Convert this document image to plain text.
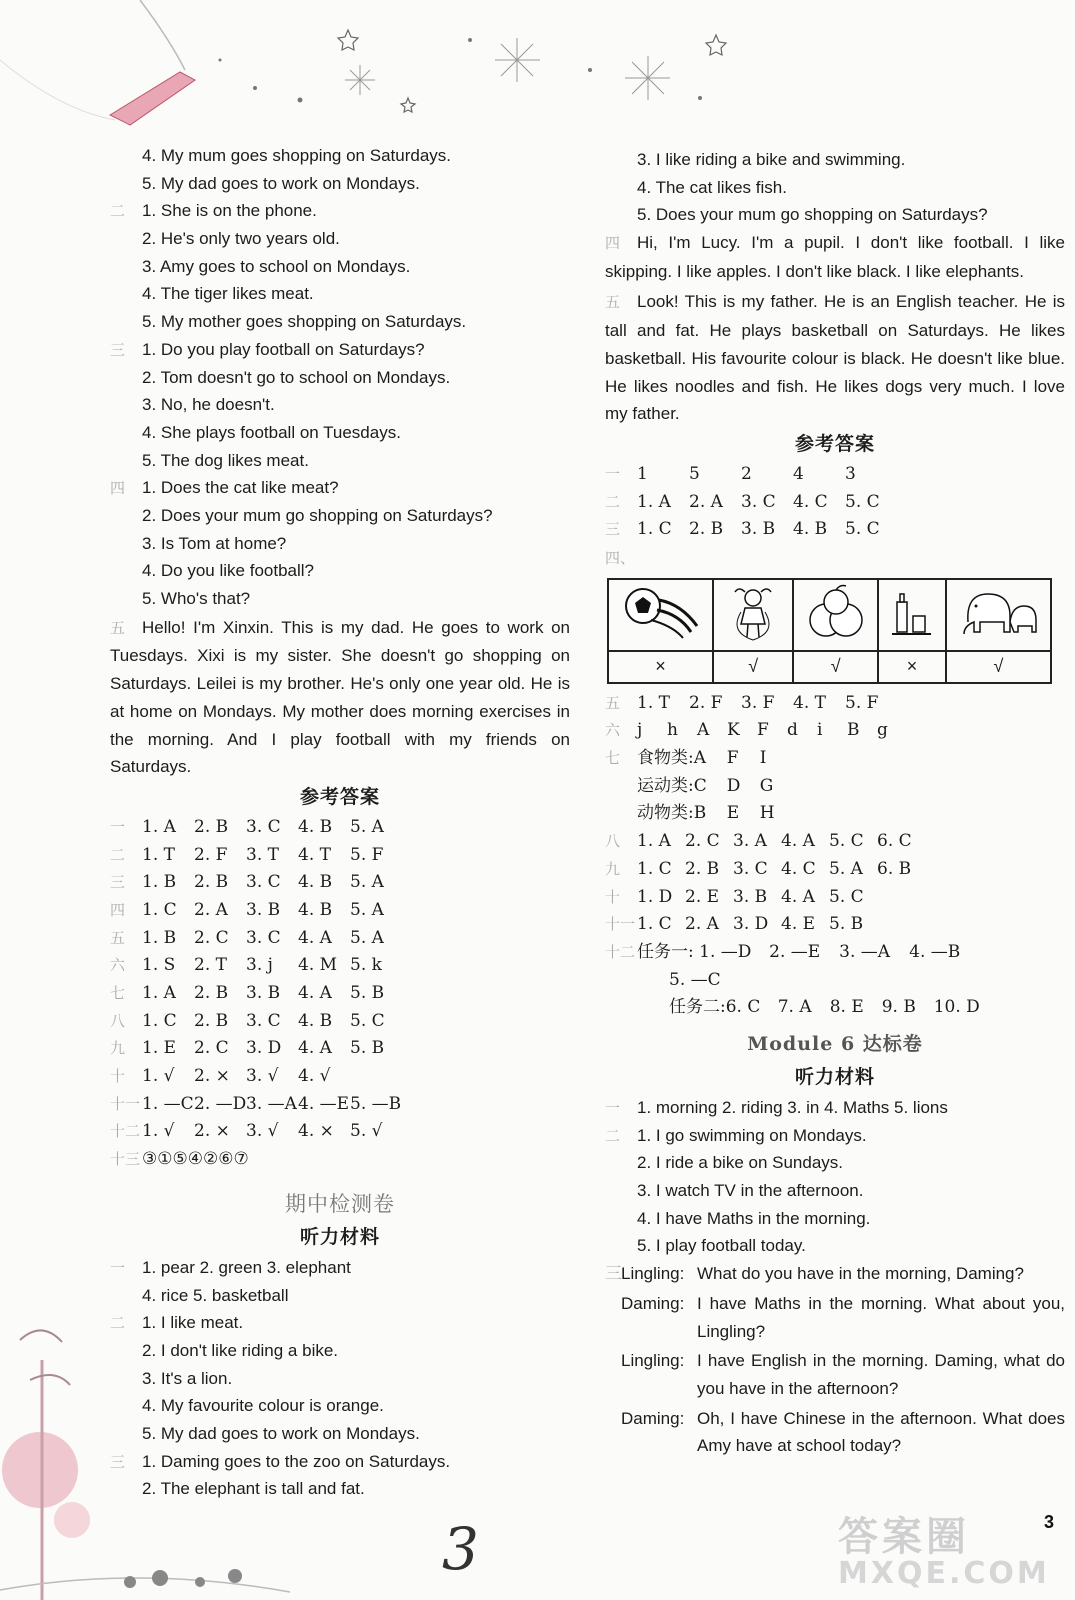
4. My mum goes shopping on Saturdays.
5. My dad goes to work on Mondays.
二 1. She is on the phone.
2. He's only two years old.
3. Amy goes to school on Mondays.
4. The tiger likes meat.
5. My mother goes shopping on Saturdays.
三 1. Do you play football on Saturdays?
2. Tom doesn't go to school on Mondays.
3. No, he doesn't.
4. She plays football on Tuesdays.
5. The dog likes meat.
四 1. Does the cat like meat?
2. Does your mum go shopping on Saturdays?
3. Is Tom at home?
4. Do you like football?
5. Who's that?
五 Hello! I'm Xinxin. This is my dad. He goes to work on Tuesdays. Xixi is my sister. She doesn't go shopping on Saturdays. Leilei is my brother. He's only one year old. He is at home on Mondays. My mother does morning exercises in the morning. And I play football with my friends on Saturdays.
参考答案
一 1. A 2. B 3. C 4. B 5. A
二 1. T 2. F 3. T 4. T 5. F
三 1. B 2. B 3. C 4. B 5. A
四 1. C 2. A 3. B 4. B 5. A
五 1. B 2. C 3. C 4. A 5. A
六 1. S 2. T 3. j 4. M 5. k
七 1. A 2. B 3. B 4. A 5. B
八 1. C 2. B 3. C 4. B 5. C
九 1. E 2. C 3. D 4. A 5. B
十 1. √ 2. × 3. √ 4. √
十一 1. —C2. —D3. —A4. —E5. —B
十二 1. √ 2. × 3. √ 4. × 5. √
十三 ③①⑤④②⑥⑦
期中检测卷
听力材料
一 1. pear 2. green 3. elephant
4. rice 5. basketball
二 1. I like meat.
2. I don't like riding a bike.
3. It's a lion.
4. My favourite colour is orange.
5. My dad goes to work on Mondays.
三 1. Daming goes to the zoo on Saturdays.
2. The elephant is tall and fat.
3. I like riding a bike and swimming.
4. The cat likes fish.
5. Does your mum go shopping on Saturdays?
四 Hi, I'm Lucy. I'm a pupil. I don't like football. I like skipping. I like apples. I don't like black. I like elephants.
五 Look! This is my father. He is an English teacher. He is tall and fat. He plays basketball on Saturdays. He likes basketball. His favourite colour is black. He doesn't like blue. He likes noodles and fish. He likes dogs very much. I love my father.
参考答案
一 1 5 2 4 3
二 1. A 2. A 3. C 4. C 5. C
三 1. C 2. B 3. B 4. B 5. C
四、

×	√	√	×	√
五 1. T 2. F 3. F 4. T 5. F
六 j h A K F d i B g
七 食物类:A F I
运动类:C D G
动物类:B E H
八 1. A 2. C 3. A 4. A 5. C 6. C
九 1. C 2. B 3. C 4. C 5. A 6. B
十 1. D 2. E 3. B 4. A 5. C
十一 1. C 2. A 3. D 4. E 5. B
十二 任务一: 1. —D 2. —E 3. —A 4. —B
5. —C
任务二:6. C 7. A 8. E 9. B 10. D
Module 6 达标卷
听力材料
一 1. morning 2. riding 3. in 4. Maths 5. lions
二 1. I go swimming on Mondays.
2. I ride a bike on Sundays.
3. I watch TV in the afternoon.
4. I have Maths in the morning.
5. I play football today.
三Lingling: What do you have in the morning, Daming?
Daming: I have Maths in the morning. What about you, Lingling?
Lingling: I have English in the morning. Daming, what do you have in the afternoon?
Daming: Oh, I have Chinese in the afternoon. What does Amy have at school today?
3	答案圈
MXQE.COM
3
